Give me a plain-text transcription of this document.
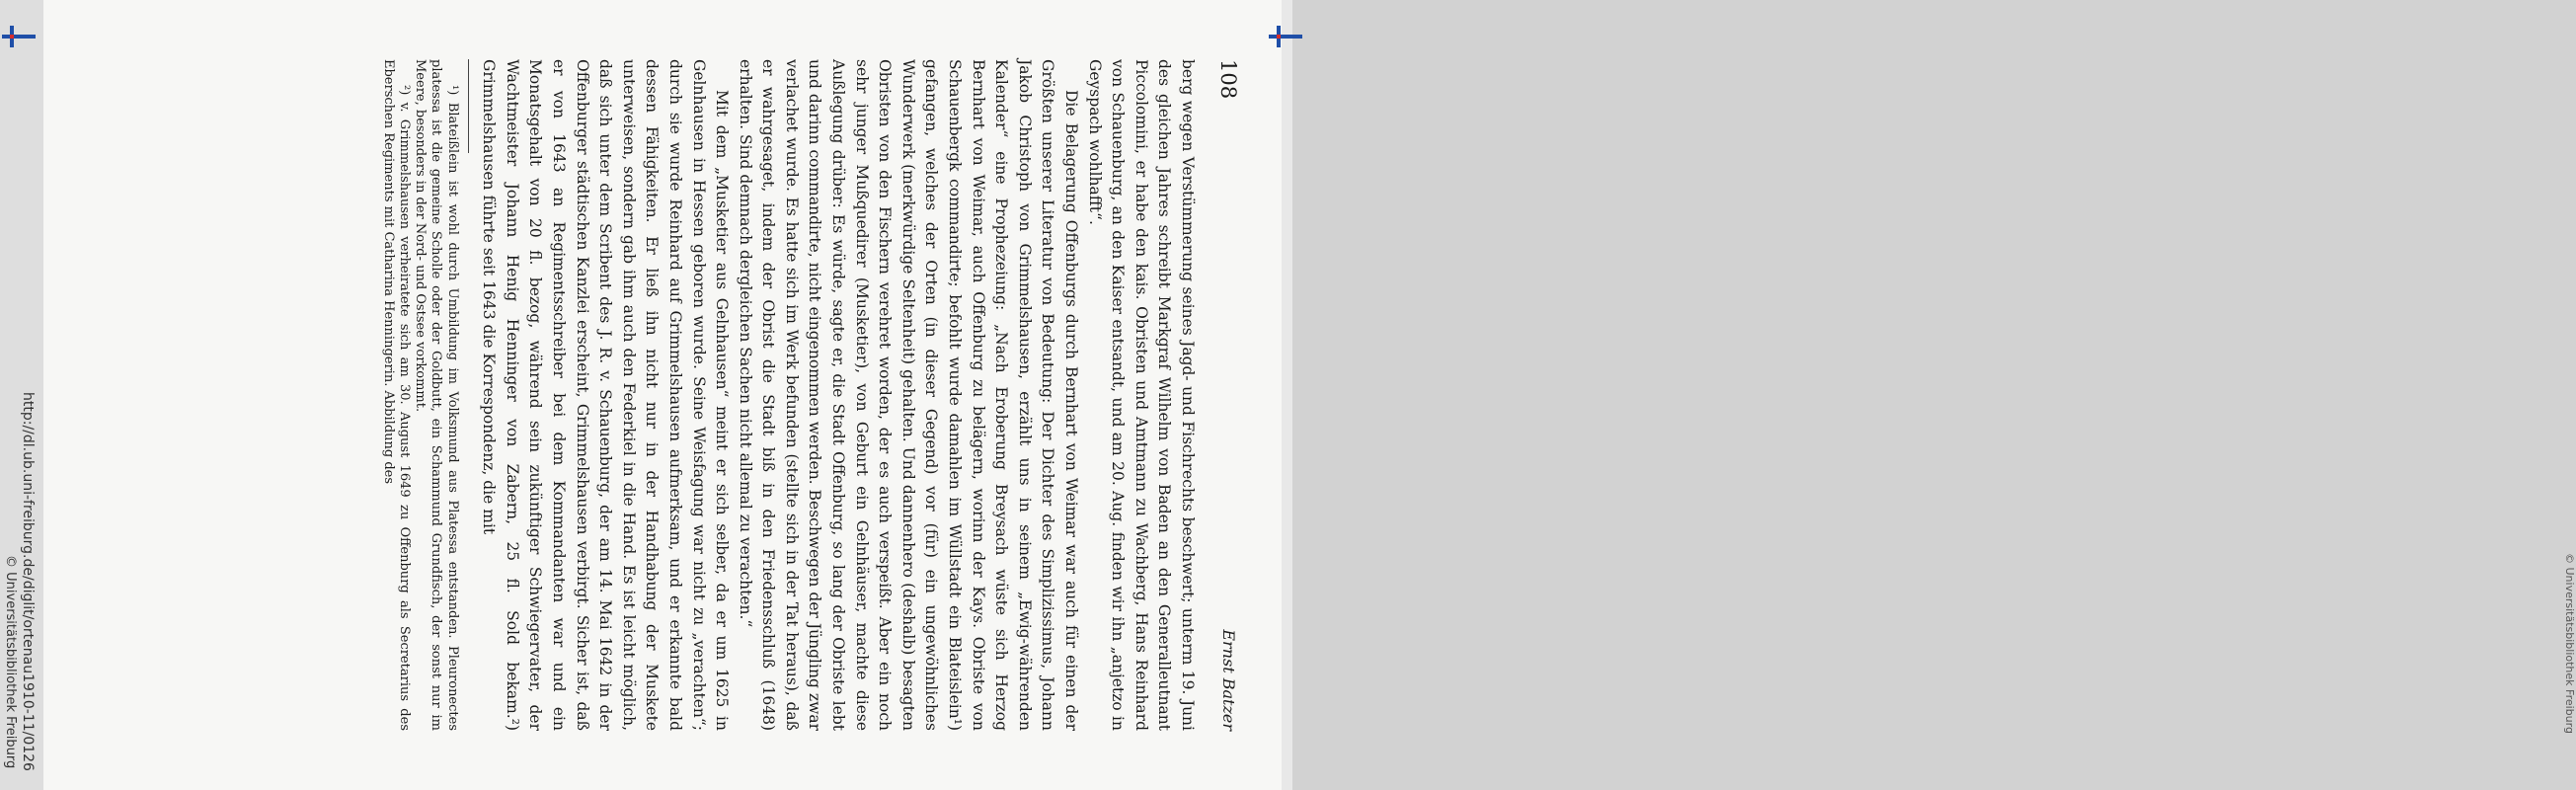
http://dl.ub.uni-freiburg.de/diglit/ortenau1910-11/0126
© Universitätsbibliothek Freiburg
108
Ernst Batzer

berg wegen Verstümmerung seines Jagd- und Fischrechts beschwert; unterm 19. Juni des gleichen Jahres schreibt Markgraf Wilhelm von Baden an den Generalleutnant Piccolomini, er habe den kais. Obristen und Amtmann zu Wachberg, Hans Reinhard von Schauenburg, an den Kaiser entsandt, und am 20. Aug. finden wir ihn „anjetzo in Geyspach wohlhafft“.

Die Belagerung Offenburgs durch Bernhart von Weimar war auch für einen der Größten unserer Literatur von Bedeutung: Der Dichter des Simplizissimus, Johann Jakob Christoph von Grimmelshausen, erzählt uns in seinem „Ewig-währenden Kalender“ eine Prophezeiung: „Nach Eroberung Breysach wüste sich Herzog Bernhart von Weimar, auch Offenburg zu belägern, worinn der Kays. Obriste von Schauenbergk commandirte; befohlt wurde damahlen im Wüllstadt ein Blateislein¹) gefangen, welches der Orten (in dieser Gegend) vor (für) ein ungewöhnliches Wunderwerk (merkwürdige Seltenheit) gehalten. Und dannenhero (deshalb) besagten Obristen von den Fischern verehret worden, der es auch verspeißt. Aber ein noch sehr junger Mußquedirer (Musketier), von Geburt ein Gelnhäuser, machte diese Außlegung drüber: Es würde, sagte er, die Stadt Offenburg, so lang der Obriste lebt und darinn commandirte, nicht eingenommen werden. Beschwegen der Jüngling zwar verlachet wurde. Es hatte sich im Werk befunden (stellte sich in der Tat heraus), daß er wahrgesaget, indem der Obrist die Stadt biß in den Friedensschluß (1648) erhalten. Sind demnach dergleichen Sachen nicht allemal zu verachten.“

Mit dem „Musketier aus Gelnhausen“ meint er sich selber, da er um 1625 in Gelnhausen in Hessen geboren wurde. Seine Weisfagung war nicht zu „verachten“; durch sie wurde Reinhard auf Grimmelshausen aufmerksam, und er erkannte bald dessen Fähigkeiten. Er ließ ihn nicht nur in der Handhabung der Muskete unterweisen, sondern gab ihm auch den Federkiel in die Hand. Es ist leicht möglich, daß sich unter dem Scribent des J. R. v. Schauenburg, der am 14. Mai 1642 in der Offenburger städtischen Kanzlei erscheint, Grimmelshausen verbirgt. Sicher ist, daß er von 1643 an Regimentsschreiber bei dem Kommandanten war und ein Monatsgehalt von 20 fl. bezog, während sein zukünftiger Schwiegervater, der Wachtmeister Johann Henig Henninger von Zabern, 25 fl. Sold bekam.²) Grimmelshausen führte seit 1643 die Korrespondenz, die mit

¹) Blateißlein ist wohl durch Umbildung im Volksmund aus Platessa entstanden. Pleuronectes platessa ist die gemeine Scholle oder der Goldbutt, ein Schammund Grundfisch, der sonst nur im Meere, besonders in der Nord- und Ostsee vorkommt.

²) v. Grimmelshausen verheiratete sich am 30. August 1649 zu Offenburg als Secretarius des Eberschen Regiments mit Catharina Henningerin. Abbildung des

© Universitätsbibliothek Freiburg
